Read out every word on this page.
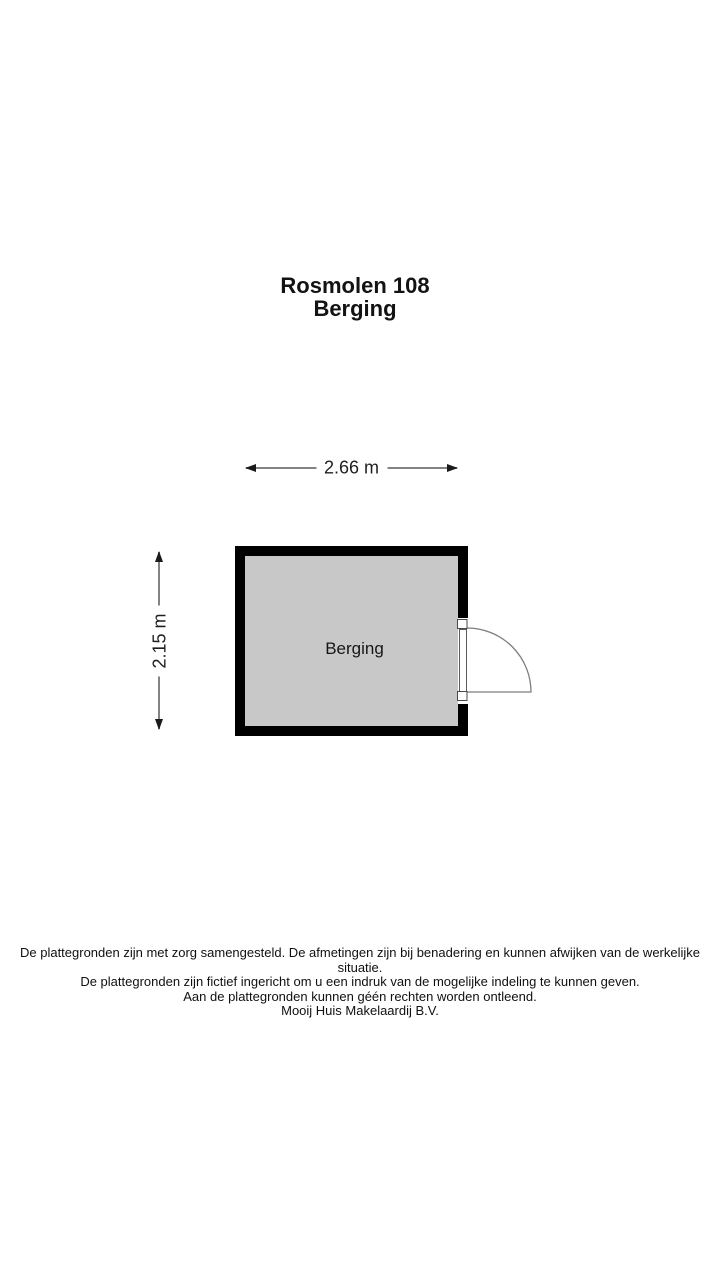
Rosmolen 108
Berging
2.66 m
2.15 m	Berging
De plattegronden zijn met zorg samengesteld. De afmetingen zijn bij benadering en kunnen afwijken van de werkelijke situatie.
De plattegronden zijn fictief ingericht om u een indruk van de mogelijke indeling te kunnen geven.
Aan de plattegronden kunnen géén rechten worden ontleend.
Mooij Huis Makelaardij B.V.
